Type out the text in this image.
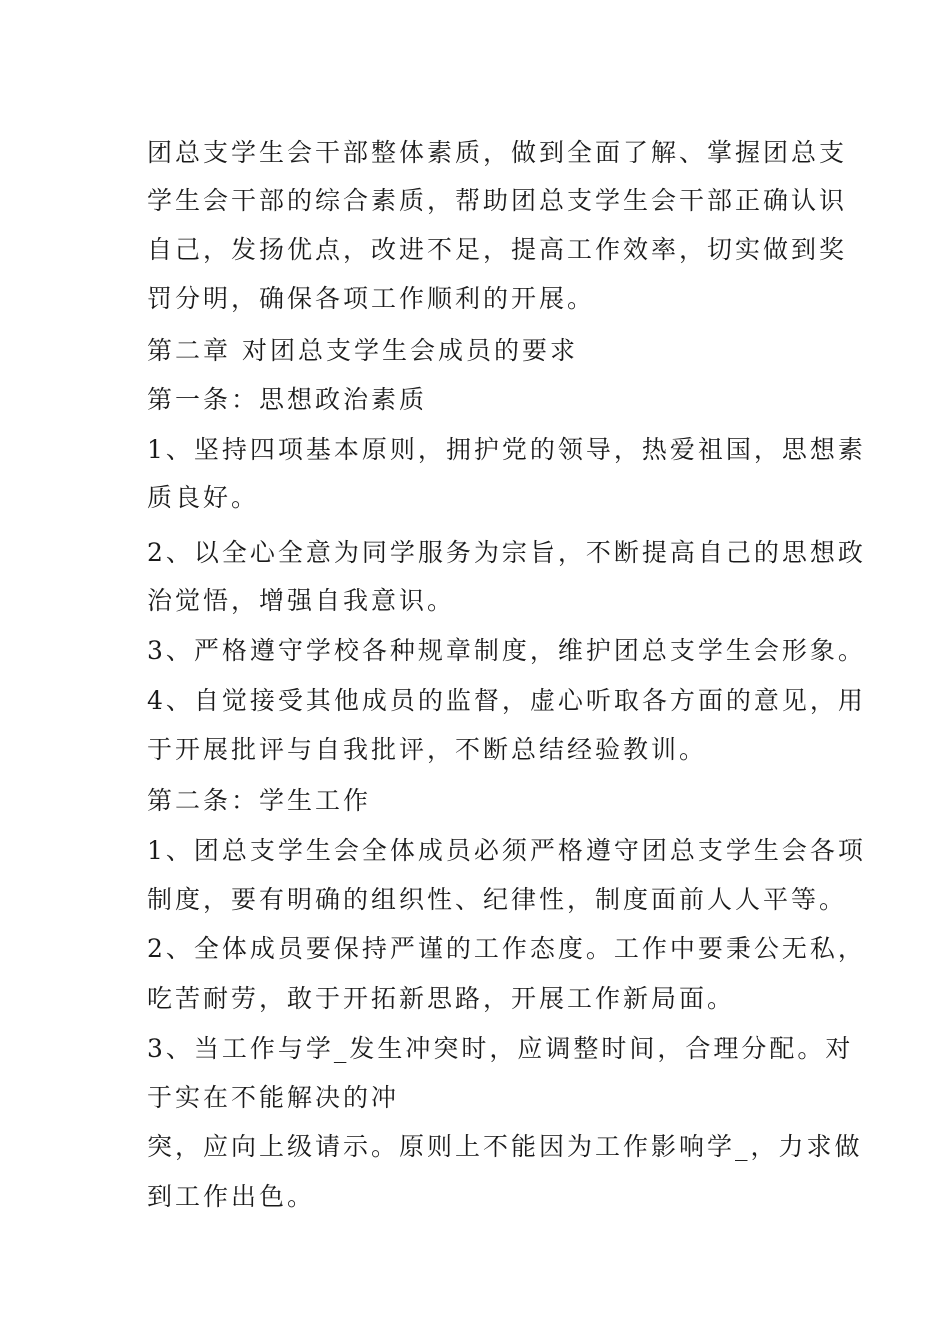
团总支学生会干部整体素质，做到全面了解、掌握团总支
学生会干部的综合素质，帮助团总支学生会干部正确认识
自己，发扬优点，改进不足，提高工作效率，切实做到奖
罚分明，确保各项工作顺利的开展。
第二章 对团总支学生会成员的要求
第一条：思想政治素质
1、坚持四项基本原则，拥护党的领导，热爱祖国，思想素
质良好。
2、以全心全意为同学服务为宗旨，不断提高自己的思想政
治觉悟，增强自我意识。
3、严格遵守学校各种规章制度，维护团总支学生会形象。
4、自觉接受其他成员的监督，虚心听取各方面的意见，用
于开展批评与自我批评，不断总结经验教训。
第二条：学生工作
1、团总支学生会全体成员必须严格遵守团总支学生会各项
制度，要有明确的组织性、纪律性，制度面前人人平等。
2、全体成员要保持严谨的工作态度。工作中要秉公无私，
吃苦耐劳，敢于开拓新思路，开展工作新局面。
3、当工作与学_发生冲突时，应调整时间，合理分配。对
于实在不能解决的冲
突，应向上级请示。原则上不能因为工作影响学_，力求做
到工作出色。
